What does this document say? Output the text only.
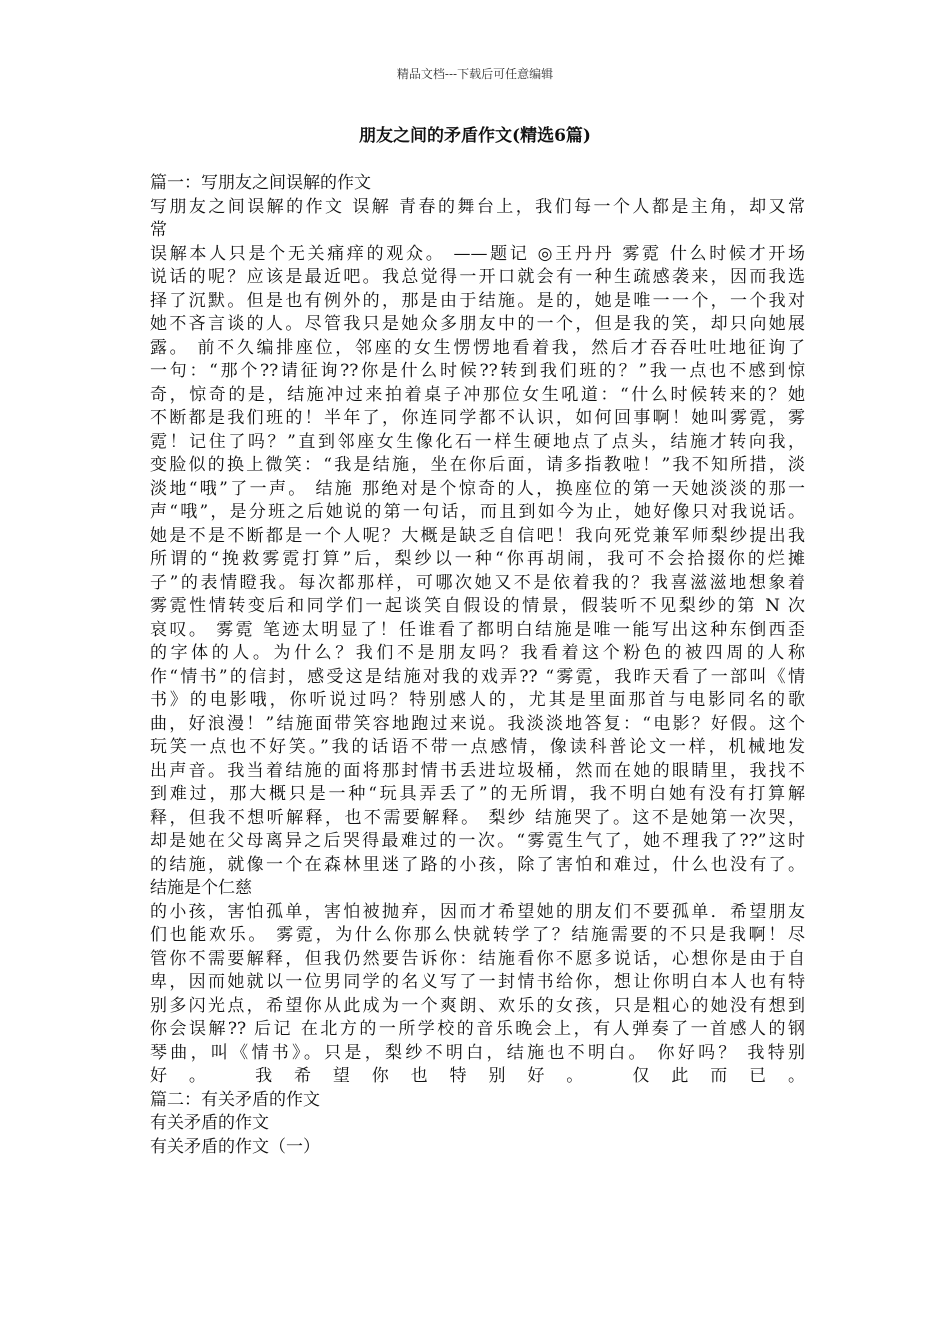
精品文档---下载后可任意编辑
朋友之间的矛盾作文(精选6篇)
篇一：写朋友之间误解的作文
写朋友之间误解的作文 误解 青春的舞台上，我们每一个人都是主角，却又常
常
误解本人只是个无关痛痒的观众。 ——题记 ◎王丹丹 雾霓 什么时候才开场
说话的呢？应该是最近吧。我总觉得一开口就会有一种生疏感袭来，因而我选
择了沉默。但是也有例外的，那是由于结施。是的，她是唯一一个，一个我对
她不吝言谈的人。尽管我只是她众多朋友中的一个，但是我的笑，却只向她展
露。 前不久编排座位，邻座的女生愣愣地看着我，然后才吞吞吐吐地征询了
一句：“那个??请征询??你是什么时候??转到我们班的？”我一点也不感到惊
奇，惊奇的是，结施冲过来拍着桌子冲那位女生吼道：“什么时候转来的？她
不断都是我们班的！半年了，你连同学都不认识，如何回事啊！她叫雾霓，雾
霓！记住了吗？”直到邻座女生像化石一样生硬地点了点头，结施才转向我，
变脸似的换上微笑：“我是结施，坐在你后面，请多指教啦！”我不知所措，淡
淡地“哦”了一声。 结施 那绝对是个惊奇的人，换座位的第一天她淡淡的那一
声“哦”，是分班之后她说的第一句话，而且到如今为止，她好像只对我说话。
她是不是不断都是一个人呢？大概是缺乏自信吧！我向死党兼军师梨纱提出我
所谓的“挽救雾霓打算”后，梨纱以一种“你再胡闹，我可不会拾掇你的烂摊
子”的表情瞪我。每次都那样，可哪次她又不是依着我的？我喜滋滋地想象着
雾霓性情转变后和同学们一起谈笑自假设的情景，假装听不见梨纱的第 N 次
哀叹。 雾霓 笔迹太明显了！任谁看了都明白结施是唯一能写出这种东倒西歪
的字体的人。为什么？我们不是朋友吗？我看着这个粉色的被四周的人称
作“情书”的信封，感受这是结施对我的戏弄?? “雾霓，我昨天看了一部叫《情
书》的电影哦，你听说过吗？特别感人的，尤其是里面那首与电影同名的歌
曲，好浪漫！”结施面带笑容地跑过来说。我淡淡地答复：“电影？好假。这个
玩笑一点也不好笑。”我的话语不带一点感情，像读科普论文一样，机械地发
出声音。我当着结施的面将那封情书丢进垃圾桶，然而在她的眼睛里，我找不
到难过，那大概只是一种“玩具弄丢了”的无所谓，我不明白她有没有打算解
释，但我不想听解释，也不需要解释。 梨纱 结施哭了。这不是她第一次哭，
却是她在父母离异之后哭得最难过的一次。“雾霓生气了，她不理我了??”这时
的结施，就像一个在森林里迷了路的小孩，除了害怕和难过，什么也没有了。
结施是个仁慈
的小孩，害怕孤单，害怕被抛弃，因而才希望她的朋友们不要孤单．希望朋友
们也能欢乐。 雾霓，为什么你那么快就转学了？结施需要的不只是我啊！尽
管你不需要解释，但我仍然要告诉你：结施看你不愿多说话，心想你是由于自
卑，因而她就以一位男同学的名义写了一封情书给你，想让你明白本人也有特
别多闪光点，希望你从此成为一个爽朗、欢乐的女孩，只是粗心的她没有想到
你会误解?? 后记 在北方的一所学校的音乐晚会上，有人弹奏了一首感人的钢
琴曲，叫《情书》。只是，梨纱不明白，结施也不明白。 你好吗？ 我特别
好。 我希望你也特别好。 仅此而已。
篇二：有关矛盾的作文
有关矛盾的作文
有关矛盾的作文（一）
